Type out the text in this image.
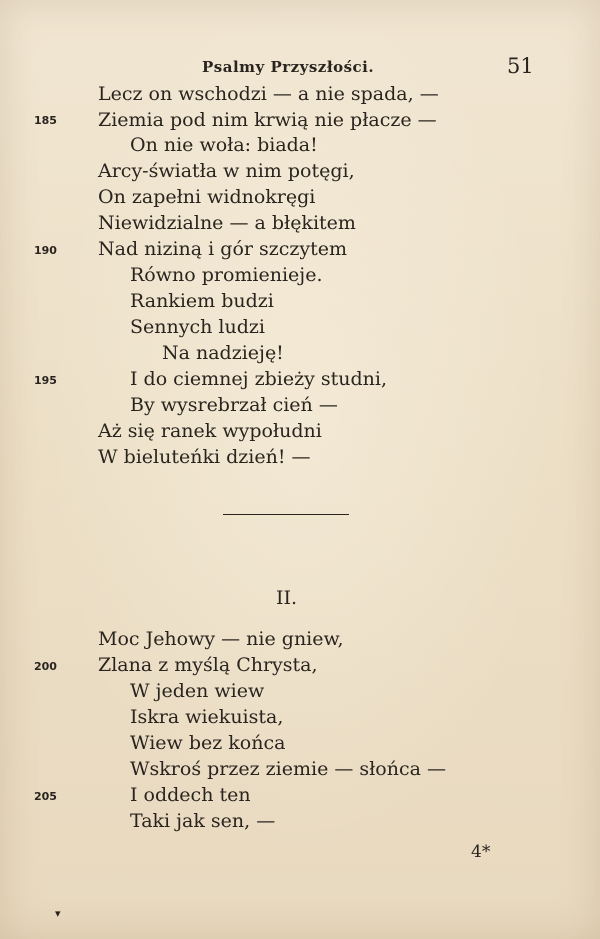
Psalmy Przyszłości.	51
Lecz on wschodzi — a nie spada, —
Ziemia pod nim krwią nie płacze —
On nie woła: biada!
Arcy-światła w nim potęgi,
On zapełni widnokręgi
Niewidzialne — a błękitem
Nad niziną i gór szczytem
Równo promienieje.
Rankiem budzi
Sennych ludzi
Na nadzieję!
I do ciemnej zbieży studni,
By wysrebrzał cień —
Aż się ranek wypołudni
W bieluteńki dzień! —
185
190
195
II.
Moc Jehowy — nie gniew,
Zlana z myślą Chrysta,
W jeden wiew
Iskra wiekuista,
Wiew bez końca
Wskroś przez ziemie — słońca —
I oddech ten
Taki jak sen, —
200
205
4*
▾
